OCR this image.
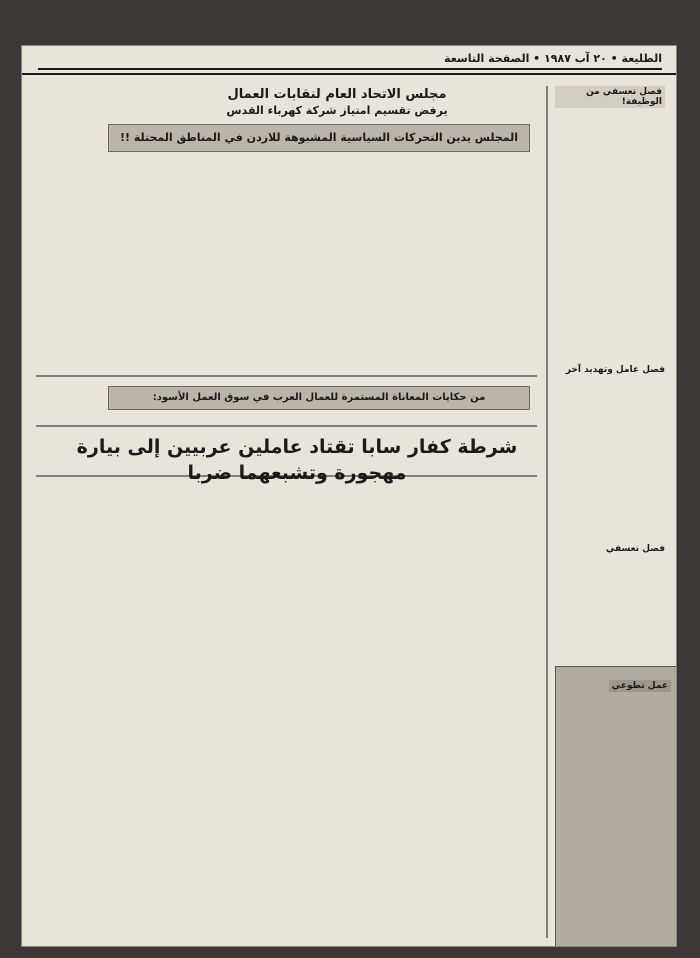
الطليعة • ٢٠ آب ١٩٨٧ • الصفحة التاسعة
فصل تعسفي من الوظيفة!
فصل عامل وتهديد آخر
فصل تعسفي
عمل تطوعي
مجلس الاتحاد العام لنقابات العمال
يرفض تقسيم امتياز شركة كهرباء القدس
المجلس يدين التحركات السياسية المشبوهة للاردن في المناطق المحتلة !!
من حكايات المعاناة المستمرة للعمال العرب في سوق العمل الأسود:
شرطة كفار سابا تقتاد عاملين عربيين إلى بيارة مهجورة وتشبعهما ضربا
